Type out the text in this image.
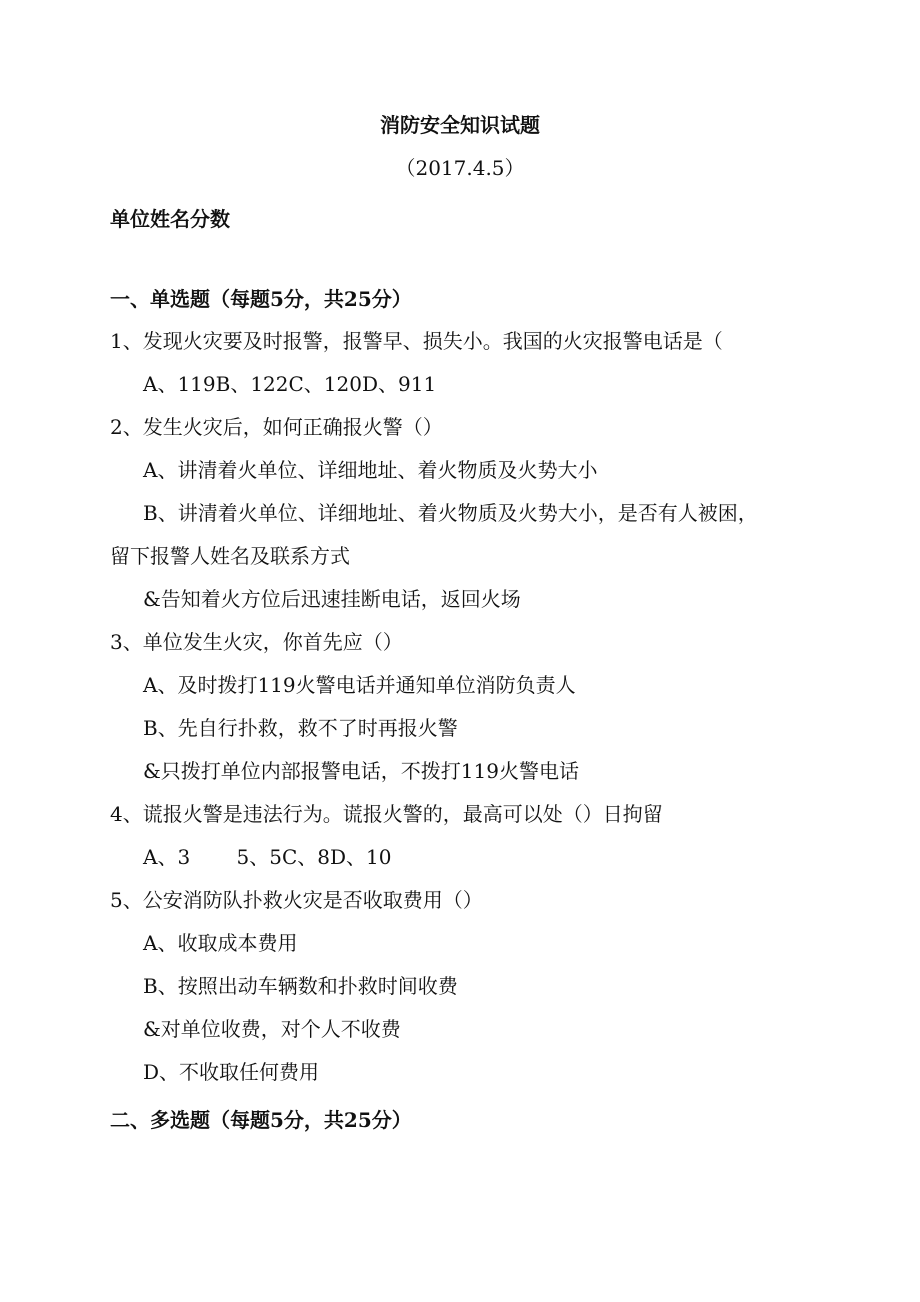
消防安全知识试题
（2017.4.5）
单位姓名分数
一、单选题（每题5分，共25分）
1、发现火灾要及时报警，报警早、损失小。我国的火灾报警电话是（
A、119B、122C、120D、911
2、发生火灾后，如何正确报火警（）
A、讲清着火单位、详细地址、着火物质及火势大小
B、讲清着火单位、详细地址、着火物质及火势大小，是否有人被困，
留下报警人姓名及联系方式
&告知着火方位后迅速挂断电话，返回火场
3、单位发生火灾，你首先应（）
A、及时拨打119火警电话并通知单位消防负责人
B、先自行扑救，救不了时再报火警
&只拨打单位内部报警电话，不拨打119火警电话
4、谎报火警是违法行为。谎报火警的，最高可以处（）日拘留
A、3　　 5、5C、8D、10
5、公安消防队扑救火灾是否收取费用（）
A、收取成本费用
B、按照出动车辆数和扑救时间收费
&对单位收费，对个人不收费
D、不收取任何费用
二、多选题（每题5分，共25分）
